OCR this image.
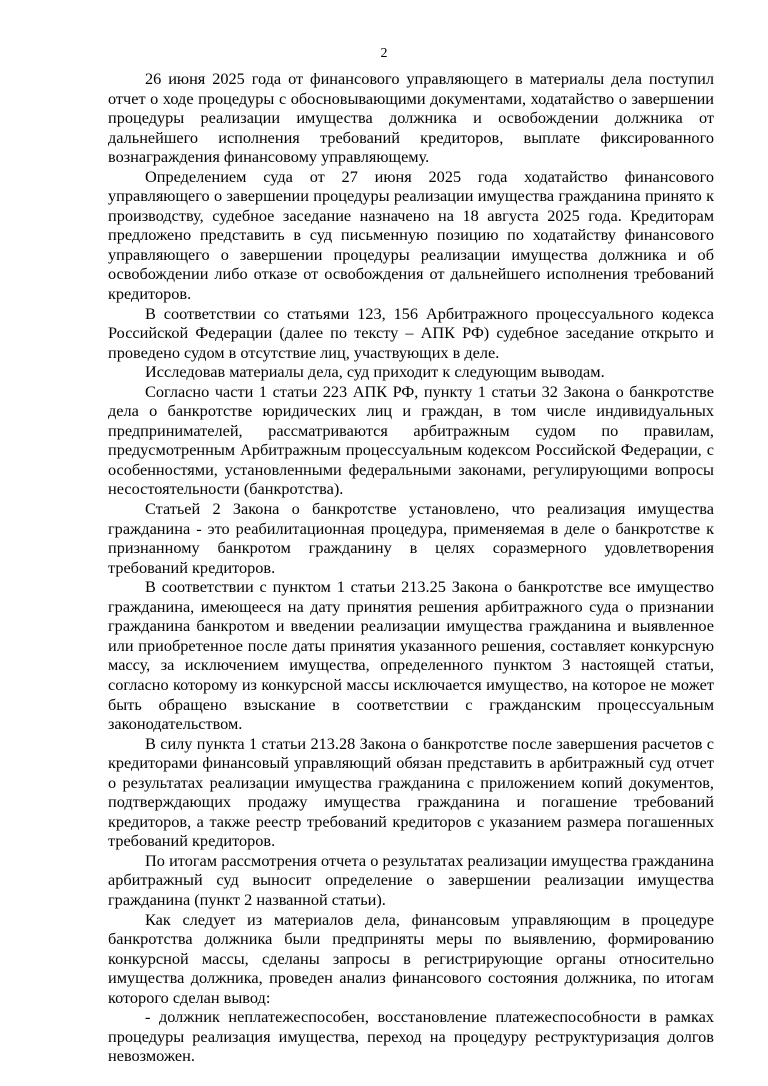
2

26 июня 2025 года от финансового управляющего в материалы дела поступил отчет о ходе процедуры с обосновывающими документами, ходатайство о завершении процедуры реализации имущества должника и освобождении должника от дальнейшего исполнения требований кредиторов, выплате фиксированного вознаграждения финансовому управляющему.

Определением суда от 27 июня 2025 года ходатайство финансового управляющего о завершении процедуры реализации имущества гражданина принято к производству, судебное заседание назначено на 18 августа 2025 года. Кредиторам предложено представить в суд письменную позицию по ходатайству финансового управляющего о завершении процедуры реализации имущества должника и об освобождении либо отказе от освобождения от дальнейшего исполнения требований кредиторов.

В соответствии со статьями 123, 156 Арбитражного процессуального кодекса Российской Федерации (далее по тексту – АПК РФ) судебное заседание открыто и проведено судом в отсутствие лиц, участвующих в деле.

Исследовав материалы дела, суд приходит к следующим выводам.

Согласно части 1 статьи 223 АПК РФ, пункту 1 статьи 32 Закона о банкротстве дела о банкротстве юридических лиц и граждан, в том числе индивидуальных предпринимателей, рассматриваются арбитражным судом по правилам, предусмотренным Арбитражным процессуальным кодексом Российской Федерации, с особенностями, установленными федеральными законами, регулирующими вопросы несостоятельности (банкротства).

Статьей 2 Закона о банкротстве установлено, что реализация имущества гражданина - это реабилитационная процедура, применяемая в деле о банкротстве к признанному банкротом гражданину в целях соразмерного удовлетворения требований кредиторов.

В соответствии с пунктом 1 статьи 213.25 Закона о банкротстве все имущество гражданина, имеющееся на дату принятия решения арбитражного суда о признании гражданина банкротом и введении реализации имущества гражданина и выявленное или приобретенное после даты принятия указанного решения, составляет конкурсную массу, за исключением имущества, определенного пунктом 3 настоящей статьи, согласно которому из конкурсной массы исключается имущество, на которое не может быть обращено взыскание в соответствии с гражданским процессуальным законодательством.

В силу пункта 1 статьи 213.28 Закона о банкротстве после завершения расчетов с кредиторами финансовый управляющий обязан представить в арбитражный суд отчет о результатах реализации имущества гражданина с приложением копий документов, подтверждающих продажу имущества гражданина и погашение требований кредиторов, а также реестр требований кредиторов с указанием размера погашенных требований кредиторов.

По итогам рассмотрения отчета о результатах реализации имущества гражданина арбитражный суд выносит определение о завершении реализации имущества гражданина (пункт 2 названной статьи).

Как следует из материалов дела, финансовым управляющим в процедуре банкротства должника были предприняты меры по выявлению, формированию конкурсной массы, сделаны запросы в регистрирующие органы относительно имущества должника, проведен анализ финансового состояния должника, по итогам которого сделан вывод:

- должник неплатежеспособен, восстановление платежеспособности в рамках процедуры реализация имущества, переход на процедуру реструктуризация долгов невозможен.
